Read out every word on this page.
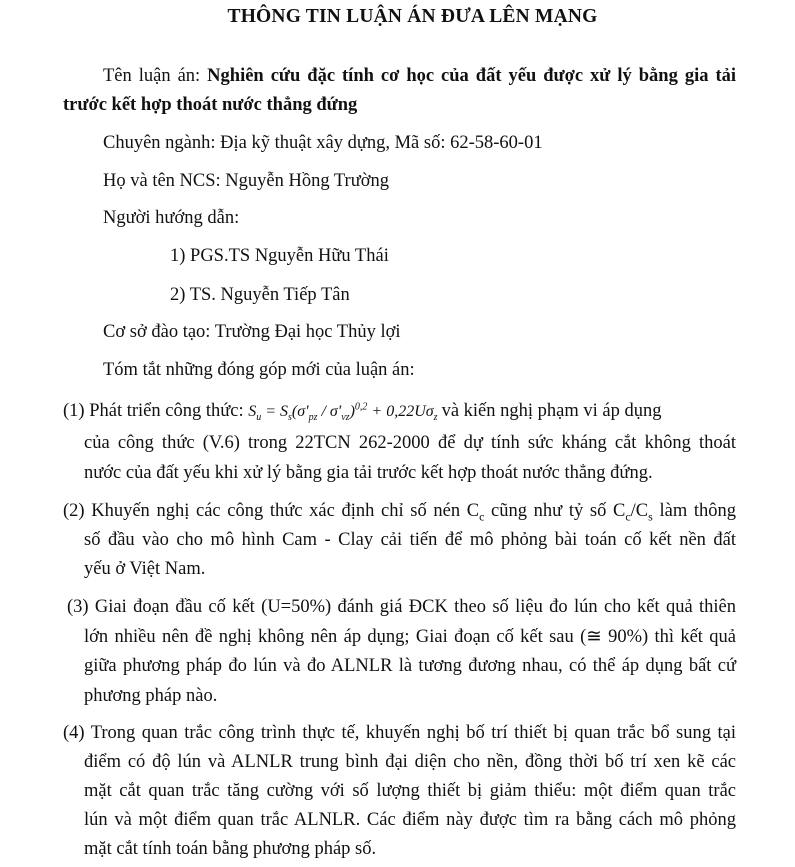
THÔNG TIN LUẬN ÁN ĐƯA LÊN MẠNG
Tên luận án: Nghiên cứu đặc tính cơ học của đất yếu được xử lý bằng gia tải
trước kết hợp thoát nước thẳng đứng
Chuyên ngành: Địa kỹ thuật xây dựng, Mã số: 62-58-60-01
Họ và tên NCS: Nguyễn Hồng Trường
Người hướng dẫn:
1) PGS.TS Nguyễn Hữu Thái
2) TS. Nguyễn Tiếp Tân
Cơ sở đào tạo: Trường Đại học Thủy lợi
Tóm tắt những đóng góp mới của luận án:
(1) Phát triển công thức: $S_u = S_s(\sigma'_{pz} / \sigma'_{vz})^{0,2} + 0,22U\sigma_z$ và kiến nghị phạm vi áp dụng
của công thức (V.6) trong 22TCN 262-2000 để dự tính sức kháng cắt không thoát
nước của đất yếu khi xử lý bằng gia tải trước kết hợp thoát nước thẳng đứng.
(2) Khuyến nghị các công thức xác định chỉ số nén $C_c$ cũng như tỷ số $C_c/C_s$ làm thông
số đầu vào cho mô hình Cam - Clay cải tiến để mô phỏng bài toán cố kết nền đất
yếu ở Việt Nam.
(3) Giai đoạn đầu cố kết (U=50%) đánh giá ĐCK theo số liệu đo lún cho kết quả thiên
lớn nhiều nên đề nghị không nên áp dụng; Giai đoạn cố kết sau (≅ 90%) thì kết quả
giữa phương pháp đo lún và đo ALNLR là tương đương nhau, có thể áp dụng bất cứ
phương pháp nào.
(4) Trong quan trắc công trình thực tế, khuyến nghị bố trí thiết bị quan trắc bổ sung tại
điểm có độ lún và ALNLR trung bình đại diện cho nền, đồng thời bố trí xen kẽ các
mặt cắt quan trắc tăng cường với số lượng thiết bị giảm thiểu: một điểm quan trắc
lún và một điểm quan trắc ALNLR. Các điểm này được tìm ra bằng cách mô phỏng
mặt cắt tính toán bằng phương pháp số.
